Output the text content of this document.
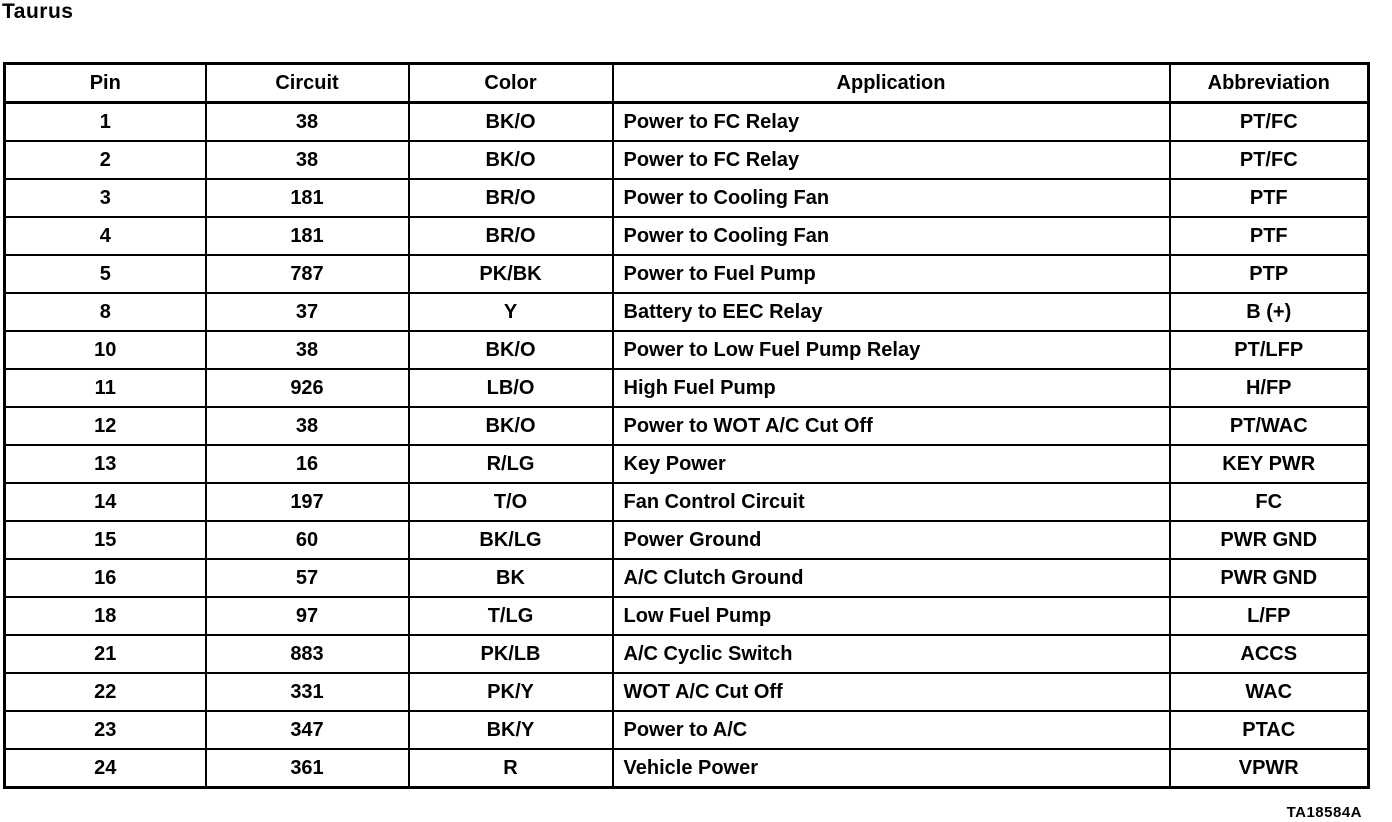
Taurus
Pin	Circuit	Color	Application	Abbreviation
1	38	BK/O	Power to FC Relay	PT/FC
2	38	BK/O	Power to FC Relay	PT/FC
3	181	BR/O	Power to Cooling Fan	PTF
4	181	BR/O	Power to Cooling Fan	PTF
5	787	PK/BK	Power to Fuel Pump	PTP
8	37	Y	Battery to EEC Relay	B (+)
10	38	BK/O	Power to Low Fuel Pump Relay	PT/LFP
11	926	LB/O	High Fuel Pump	H/FP
12	38	BK/O	Power to WOT A/C Cut Off	PT/WAC
13	16	R/LG	Key Power	KEY PWR
14	197	T/O	Fan Control Circuit	FC
15	60	BK/LG	Power Ground	PWR GND
16	57	BK	A/C Clutch Ground	PWR GND
18	97	T/LG	Low Fuel Pump	L/FP
21	883	PK/LB	A/C Cyclic Switch	ACCS
22	331	PK/Y	WOT A/C Cut Off	WAC
23	347	BK/Y	Power to A/C	PTAC
24	361	R	Vehicle Power	VPWR
TA18584A
